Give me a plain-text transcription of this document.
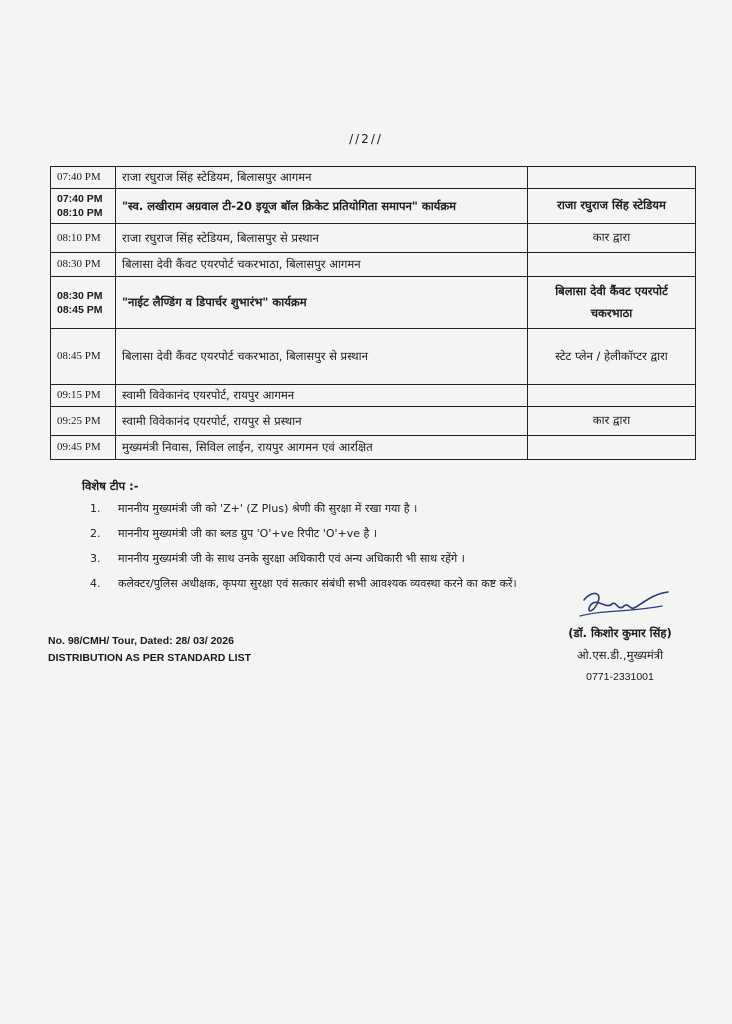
//2//
07:40 PM	राजा रघुराज सिंह स्टेडियम, बिलासपुर आगमन	

07:40 PM
08:10 PM	"स्व. लखीराम अग्रवाल टी-20 इयूज बॉल क्रिकेट प्रतियोगिता समापन" कार्यक्रम	राजा रघुराज सिंह स्टेडियम

08:10 PM	राजा रघुराज सिंह स्टेडियम, बिलासपुर से प्रस्थान	कार द्वारा

08:30 PM	बिलासा देवी कैंवट एयरपोर्ट चकरभाठा, बिलासपुर आगमन	

08:30 PM
08:45 PM	"नाईट लैण्डिंग व डिपार्चर शुभारंभ" कार्यक्रम	बिलासा देवी कैंवट एयरपोर्ट चकरभाठा

08:45 PM	बिलासा देवी कैंवट एयरपोर्ट चकरभाठा, बिलासपुर से प्रस्थान	स्टेट प्लेन / हेलीकॉप्टर द्वारा

09:15 PM	स्वामी विवेकानंद एयरपोर्ट, रायपुर आगमन	

09:25 PM	स्वामी विवेकानंद एयरपोर्ट, रायपुर से प्रस्थान	कार द्वारा

09:45 PM	मुख्यमंत्री निवास, सिविल लाईन, रायपुर आगमन एवं आरक्षित	
विशेष टीप :-
1. माननीय मुख्यमंत्री जी को 'Z+' (Z Plus) श्रेणी की सुरक्षा में रखा गया है ।
2. माननीय मुख्यमंत्री जी का ब्लड ग्रुप 'O'+ve रिपीट 'O'+ve है ।
3. माननीय मुख्यमंत्री जी के साथ उनके सुरक्षा अधिकारी एवं अन्य अधिकारी भी साथ रहेंगे ।
4. कलेक्टर/पुलिस अधीक्षक, कृपया सुरक्षा एवं सत्कार संबंधी सभी आवश्यक व्यवस्था करने का कष्ट करें।
No. 98/CMH/ Tour, Dated: 28/ 03/ 2026
DISTRIBUTION AS PER STANDARD LIST
(डॉ. किशोर कुमार सिंह)
ओ.एस.डी.,मुख्यमंत्री
0771-2331001
